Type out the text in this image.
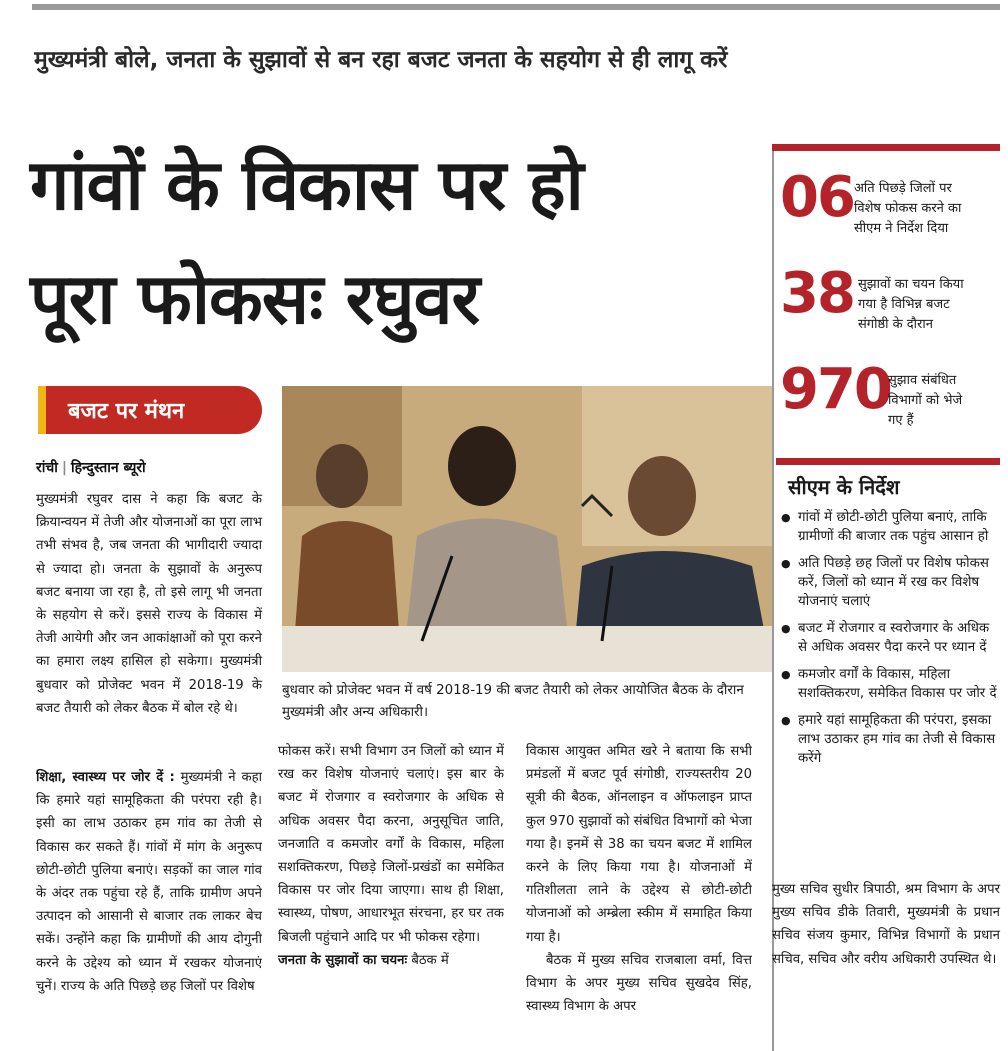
मुख्यमंत्री बोले, जनता के सुझावों से बन रहा बजट जनता के सहयोग से ही लागू करें
गांवों के विकास पर हो
पूरा फोकसः रघुवर
06 अति पिछड़े जिलों पर
विशेष फोकस करने का
सीएम ने निर्देश दिया
38 सुझावों का चयन किया
गया है विभिन्न बजट
संगोष्ठी के दौरान
970
सुझाव संबंधित
विभागों को भेजे
गए हैं
सीएम के निर्देश
● गांवों में छोटी-छोटी पुलिया बनाएं, ताकि ग्रामीणों की बाजार तक पहुंच आसान हो
● अति पिछड़े छह जिलों पर विशेष फोकस करें, जिलों को ध्यान में रख कर विशेष योजनाएं चलाएं
● बजट में रोजगार व स्वरोजगार के अधिक से अधिक अवसर पैदा करने पर ध्यान दें
● कमजोर वर्गों के विकास, महिला सशक्तिकरण, समेकित विकास पर जोर दें
● हमारे यहां सामूहिकता की परंपरा, इसका लाभ उठाकर हम गांव का तेजी से विकास करेंगे
बजट पर मंथन
रांची | हिन्दुस्तान ब्यूरो
मुख्यमंत्री रघुवर दास ने कहा कि बजट के क्रियान्वयन में तेजी और योजनाओं का पूरा लाभ तभी संभव है, जब जनता की भागीदारी ज्यादा से ज्यादा हो। जनता के सुझावों के अनुरूप बजट बनाया जा रहा है, तो इसे लागू भी जनता के सहयोग से करें। इससे राज्य के विकास में तेजी आयेगी और जन आकांक्षाओं को पूरा करने का हमारा लक्ष्य हासिल हो सकेगा। मुख्यमंत्री बुधवार को प्रोजेक्ट भवन में 2018-19 के बजट तैयारी को लेकर बैठक में बोल रहे थे।
शिक्षा, स्वास्थ्य पर जोर दें : मुख्यमंत्री ने कहा कि हमारे यहां सामूहिकता की परंपरा रही है। इसी का लाभ उठाकर हम गांव का तेजी से विकास कर सकते हैं। गांवों में मांग के अनुरूप छोटी-छोटी पुलिया बनाएं। सड़कों का जाल गांव के अंदर तक पहुंचा रहे हैं, ताकि ग्रामीण अपने उत्पादन को आसानी से बाजार तक लाकर बेच सकें। उन्होंने कहा कि ग्रामीणों की आय दोगुनी करने के उद्देश्य को ध्यान में रखकर योजनाएं चुनें। राज्य के अति पिछड़े छह जिलों पर विशेष
बुधवार को प्रोजेक्ट भवन में वर्ष 2018-19 की बजट तैयारी को लेकर आयोजित बैठक के दौरान मुख्यमंत्री और अन्य अधिकारी।
फोकस करें। सभी विभाग उन जिलों को ध्यान में रख कर विशेष योजनाएं चलाएं। इस बार के बजट में रोजगार व स्वरोजगार के अधिक से अधिक अवसर पैदा करना, अनुसूचित जाति, जनजाति व कमजोर वर्गों के विकास, महिला सशक्तिकरण, पिछड़े जिलों-प्रखंडों का समेकित विकास पर जोर दिया जाएगा। साथ ही शिक्षा, स्वास्थ्य, पोषण, आधारभूत संरचना, हर घर तक बिजली पहुंचाने आदि पर भी फोकस रहेगा।
जनता के सुझावों का चयनः बैठक में
विकास आयुक्त अमित खरे ने बताया कि सभी प्रमंडलों में बजट पूर्व संगोष्ठी, राज्यस्तरीय 20 सूत्री की बैठक, ऑनलाइन व ऑफलाइन प्राप्त कुल 970 सुझावों को संबंधित विभागों को भेजा गया है। इनमें से 38 का चयन बजट में शामिल करने के लिए किया गया है। योजनाओं में गतिशीलता लाने के उद्देश्य से छोटी-छोटी योजनाओं को अम्ब्रेला स्कीम में समाहित किया गया है।
बैठक में मुख्य सचिव राजबाला वर्मा, वित्त विभाग के अपर मुख्य सचिव सुखदेव सिंह, स्वास्थ्य विभाग के अपर
मुख्य सचिव सुधीर त्रिपाठी, श्रम विभाग के अपर मुख्य सचिव डीके तिवारी, मुख्यमंत्री के प्रधान सचिव संजय कुमार, विभिन्न विभागों के प्रधान सचिव, सचिव और वरीय अधिकारी उपस्थित थे।
